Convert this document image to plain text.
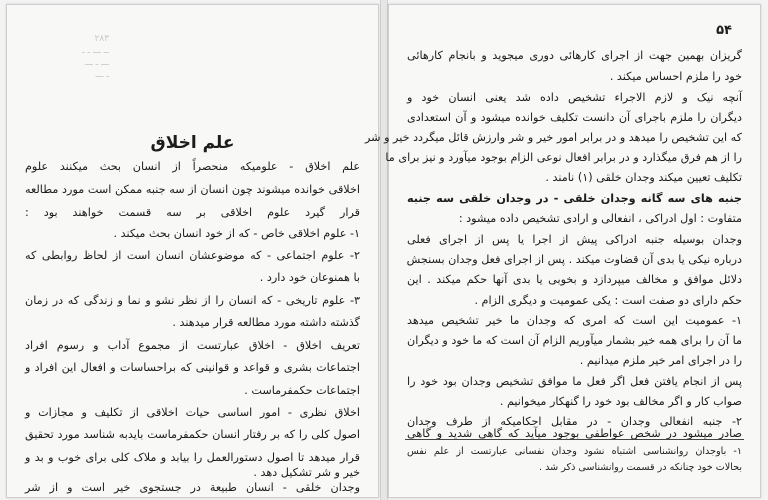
۲۸۳
ــ ـــ ـ ـ
ـــ ـ ـــ
ـ ـــ
علم اخلاق
علم اخلاق - علومیکه منحصراً از انسان بحث میکنند علوم
اخلاقی خوانده میشوند چون انسان از سه جنبه ممکن است مورد مطالعه
قرار گیرد علوم اخلاقی بر سه قسمت خواهند بود :
۱- علوم اخلاقی خاص - که از خود انسان بحث میکند .
۲- علوم اجتماعی - که موضوعشان انسان است از لحاظ روابطی که
با همنوعان خود دارد .
۳- علوم تاریخی - که انسان را از نظر نشو و نما و زندگی که در زمان
گذشته داشته مورد مطالعه قرار میدهند .
تعریف اخلاق - اخلاق عبارتست از مجموع آداب و رسوم افراد
اجتماعات بشری و قواعد و قوانینی که براحساسات و افعال این افراد و
اجتماعات حکمفرماست .
اخلاق نظری - امور اساسی حیات اخلاقی از تکلیف و مجازات و
اصول کلی را که بر رفتار انسان حکمفرماست بایدبه شناسد مورد تحقیق
قرار میدهد تا اصول دستورالعمل را بیابد و ملاک کلی برای خوب و بد و
خیر و شر تشکیل دهد .
وجدان خلقی - انسان طبیعة در جستجوی خیر است و از شر
۵۴
گریزان بهمین جهت از اجرای کارهائی دوری میجوید و بانجام کارهائی
خود را ملزم احساس میکند .
آنچه نیک و لازم الاجراء تشخیص داده شد یعنی انسان خود و
دیگران را ملزم باجرای آن دانست تکلیف خوانده میشود و آن استعدادی
که این تشخیص را میدهد و در برابر امور خیر و شر وارزش قائل میگردد خیر و شر
را از هم فرق میگذارد و در برابر افعال نوعی الزام بوجود میآورد و نیز برای ما
تکلیف تعیین میکند وجدان خلقی (۱) نامند .
جنبه های سه گانه وجدان خلقی - در وجدان خلقی سه جنبه
متفاوت : اول ادراکی ، انفعالی و ارادی تشخیص داده میشود :
وجدان بوسیله جنبه ادراکی پیش از اجرا یا پس از اجرای فعلی
درباره نیکی یا بدی آن قضاوت میکند . پس از اجرای فعل وجدان بسنجش
دلائل موافق و مخالف میپردازد و بخوبی یا بدی آنها حکم میکند . این
حکم دارای دو صفت است : یکی عمومیت و دیگری الزام .
۱- عمومیت این است که امری که وجدان ما خیر تشخیص میدهد
ما آن را برای همه خیر بشمار میآوریم الزام آن است که ما خود و دیگران
را در اجرای امر خیر ملزم میدانیم .
پس از انجام یافتن فعل اگر فعل ما موافق تشخیص وجدان بود خود را
صواب کار و اگر مخالف بود خود را گنهکار میخوانیم .
۲- جنبه انفعالی وجدان - در مقابل احکامیکه از طرف وجدان
صادر میشود در شخص عواطفی بوجود میآید که گاهی شدید و گاهی
۱- باوجدان روانشناسی اشتباه نشود وجدان نفسانی عبارتست از علم نفس
بحالات خود چنانکه در قسمت روانشناسی ذکر شد .
